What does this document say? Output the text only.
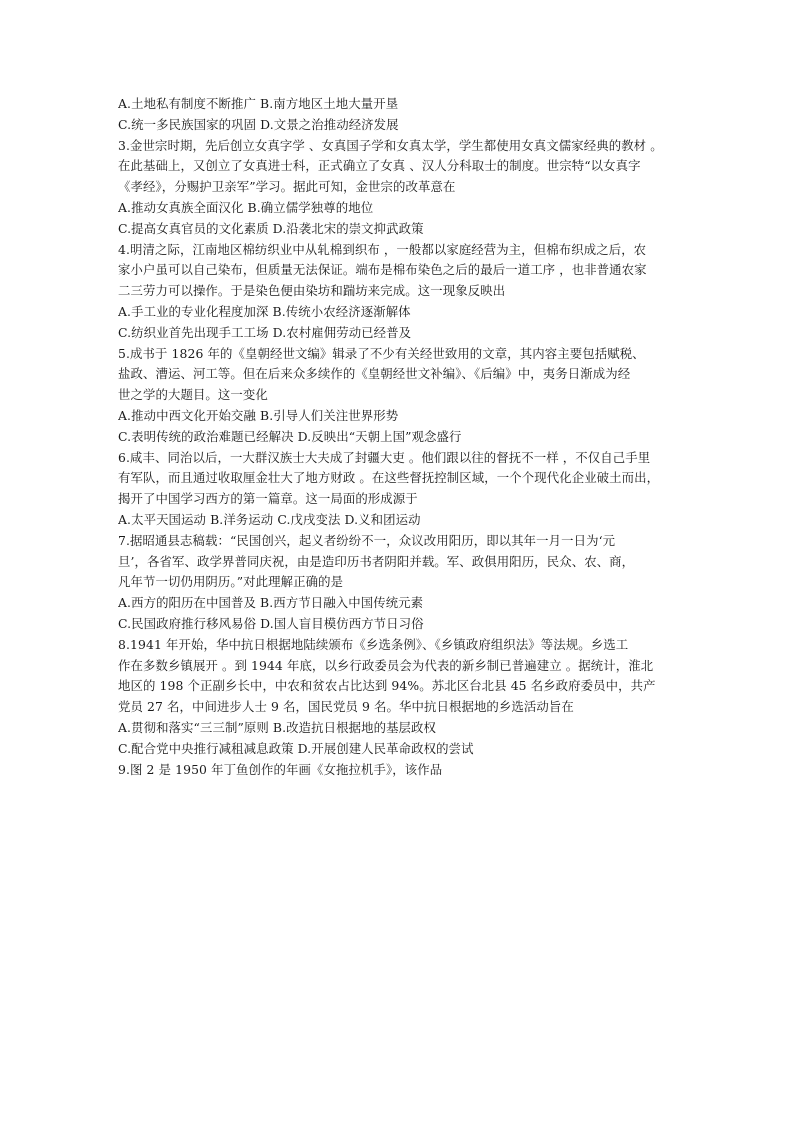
A.土地私有制度不断推广 B.南方地区土地大量开垦
C.统一多民族国家的巩固 D.文景之治推动经济发展
3.金世宗时期，先后创立女真字学 、女真国子学和女真太学，学生都使用女真文儒家经典的教材 。
在此基础上，又创立了女真进士科，正式确立了女真 、汉人分科取士的制度。世宗特“以女真字
《孝经》，分赐护卫亲军”学习。据此可知，金世宗的改革意在
A.推动女真族全面汉化 B.确立儒学独尊的地位
C.提高女真官员的文化素质 D.沿袭北宋的崇文抑武政策
4.明清之际，江南地区棉纺织业中从轧棉到织布 ，一般都以家庭经营为主，但棉布织成之后，农
家小户虽可以自己染布，但质量无法保证。端布是棉布染色之后的最后一道工序 ，也非普通农家
二三劳力可以操作。于是染色便由染坊和踹坊来完成。这一现象反映出
A.手工业的专业化程度加深 B.传统小农经济逐渐解体
C.纺织业首先出现手工工场 D.农村雇佣劳动已经普及
5.成书于 1826 年的《皇朝经世文编》辑录了不少有关经世致用的文章，其内容主要包括赋税、
盐政、漕运、河工等。但在后来众多续作的《皇朝经世文补编》、《后编》中，夷务日渐成为经
世之学的大题目。这一变化
A.推动中西文化开始交融 B.引导人们关注世界形势
C.表明传统的政治难题已经解决 D.反映出“天朝上国”观念盛行
6.咸丰、同治以后，一大群汉族士大夫成了封疆大吏 。他们跟以往的督抚不一样 ，不仅自己手里
有军队，而且通过收取厘金壮大了地方财政 。在这些督抚控制区域，一个个现代化企业破土而出，
揭开了中国学习西方的第一篇章。这一局面的形成源于
A.太平天国运动 B.洋务运动 C.戊戌变法 D.义和团运动
7.据昭通县志稿载：“民国创兴，起义者纷纷不一，众议改用阳历，即以其年一月一日为‘元
旦’，各省军、政学界普同庆祝，由是造印历书者阴阳并载。军、政俱用阳历，民众、农、商，
凡年节一切仍用阴历。”对此理解正确的是
A.西方的阳历在中国普及 B.西方节日融入中国传统元素
C.民国政府推行移风易俗 D.国人盲目模仿西方节日习俗
8.1941 年开始，华中抗日根据地陆续颁布《乡选条例》、《乡镇政府组织法》等法规。乡选工
作在多数乡镇展开 。到 1944 年底，以乡行政委员会为代表的新乡制已普遍建立 。据统计，淮北
地区的 198 个正副乡长中，中农和贫农占比达到 94%。苏北区台北县 45 名乡政府委员中，共产
党员 27 名，中间进步人士 9 名，国民党员 9 名。华中抗日根据地的乡选活动旨在
A.贯彻和落实“三三制”原则 B.改造抗日根据地的基层政权
C.配合党中央推行减租减息政策 D.开展创建人民革命政权的尝试
9.图 2 是 1950 年丁鱼创作的年画《女拖拉机手》，该作品
